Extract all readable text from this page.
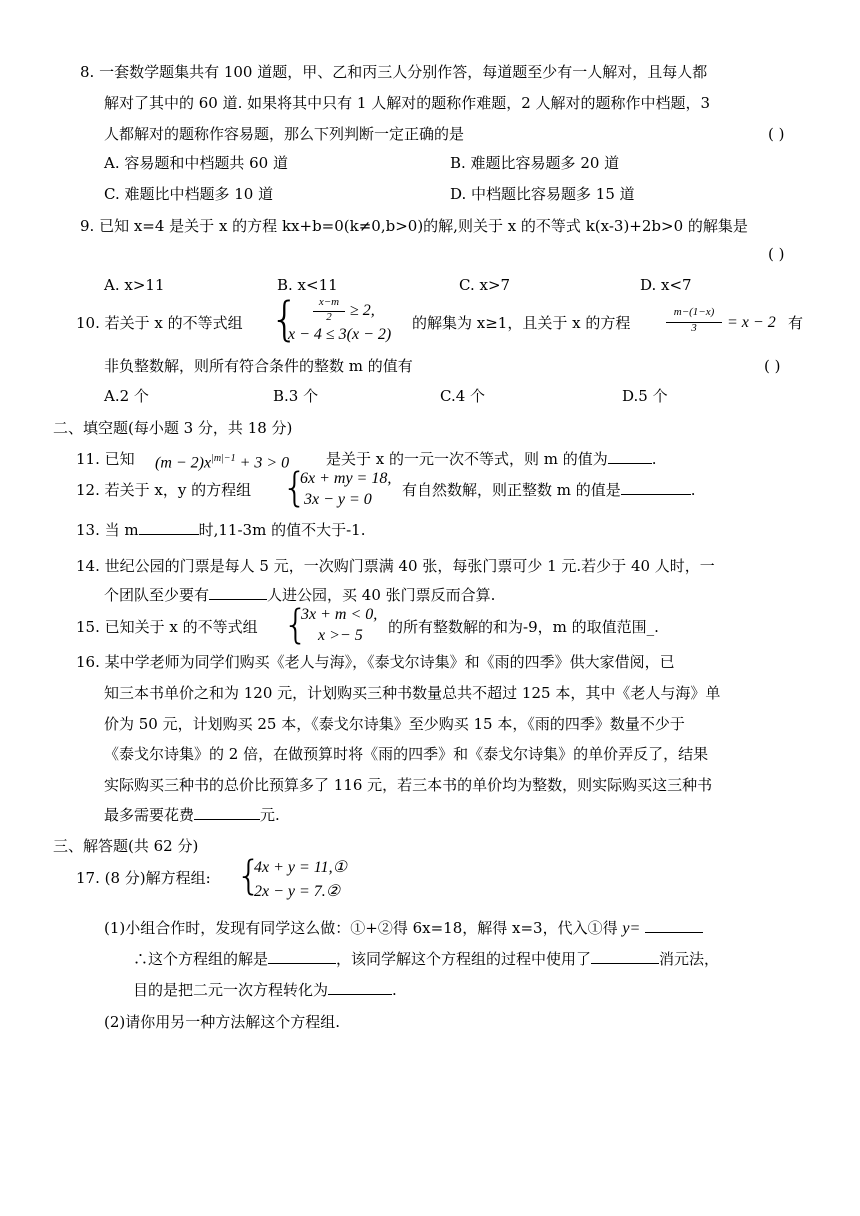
8. 一套数学题集共有 100 道题，甲、乙和丙三人分别作答，每道题至少有一人解对，且每人都
解对了其中的 60 道. 如果将其中只有 1 人解对的题称作难题，2 人解对的题称作中档题，3
人都解对的题称作容易题，那么下列判断一定正确的是	( )
A. 容易题和中档题共 60 道	B. 难题比容易题多 20 道
C. 难题比中档题多 10 道	D. 中档题比容易题多 15 道
9. 已知 x=4 是关于 x 的方程 kx+b=0(k≠0,b>0)的解,则关于 x 的不等式 k(x-3)+2b>0 的解集是
( )
A. x>11	B. x<11	C. x>7	D. x<7
10. 若关于 x 的不等式组 {	x−m
2	≥ 2,
x − 4 ≤ 3(x − 2)
的解集为 x≥1，且关于 x 的方程
m−(1−x)
3	= x − 2 有
非负整数解，则所有符合条件的整数 m 的值有	( )
A.2 个	B.3 个	C.4 个	D.5 个
二、填空题(每小题 3 分，共 18 分)
11. 已知 $(m - 2)x^{|m|-1} + 3 > 0$ 是关于 x 的一元一次不等式，则 m 的值为	.
12. 若关于 x，y 的方程组 {
6x + my = 18,
3x − y = 0
有自然数解，则正整数 m 的值是	.
13. 当 m	时,11-3m 的值不大于-1.
14. 世纪公园的门票是每人 5 元，一次购门票满 40 张，每张门票可少 1 元.若少于 40 人时，一
个团队至少要有	人进公园，买 40 张门票反而合算.
15. 已知关于 x 的不等式组 {
3x + m < 0,
x >− 5 的所有整数解的和为-9，m 的取值范围_.
16. 某中学老师为同学们购买《老人与海》，《泰戈尔诗集》和《雨的四季》供大家借阅，已
知三本书单价之和为 120 元，计划购买三种书数量总共不超过 125 本，其中《老人与海》单
价为 50 元，计划购买 25 本，《泰戈尔诗集》至少购买 15 本，《雨的四季》数量不少于
《泰戈尔诗集》的 2 倍，在做预算时将《雨的四季》和《泰戈尔诗集》的单价弄反了，结果
实际购买三种书的总价比预算多了 116 元，若三本书的单价均为整数，则实际购买这三种书
最多需要花费	元.
三、解答题(共 62 分)
17. (8 分)解方程组: {
4x + y = 11,①
2x − y = 7.②
(1)小组合作时，发现有同学这么做：①+②得 6x=18，解得 x=3，代入①得 y=
∴这个方程组的解是	，该同学解这个方程组的过程中使用了	消元法，
目的是把二元一次方程转化为	.
(2)请你用另一种方法解这个方程组.
